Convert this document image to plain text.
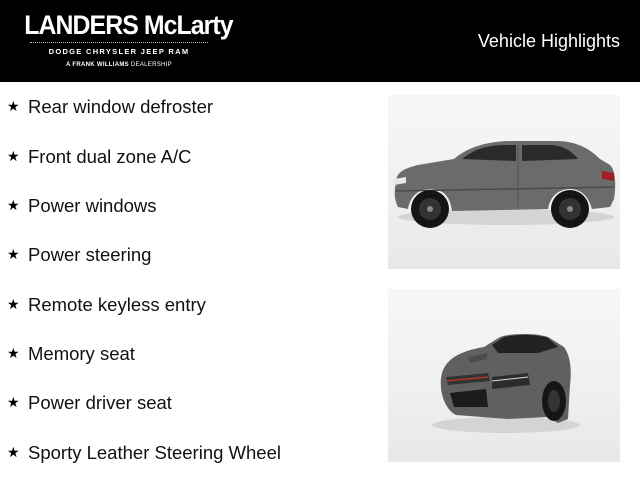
LANDERS McLarty
DODGE CHRYSLER JEEP RAM
A FRANK WILLIAMS DEALERSHIP
Vehicle Highlights
★ Rear window defroster
★ Front dual zone A/C
★ Power windows
★ Power steering
★ Remote keyless entry
★ Memory seat
★ Power driver seat
★ Sporty Leather Steering Wheel
